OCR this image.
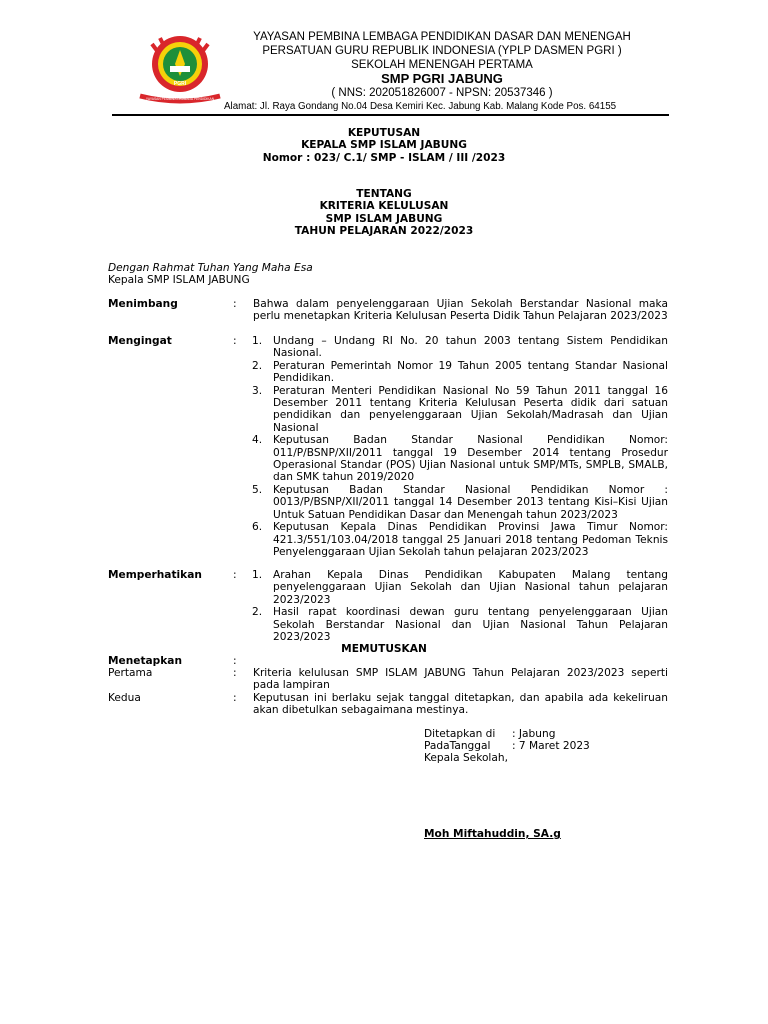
PGRI
YAYASAN PEMBINA LEMBAGA PENDIDIKAN
YAYASAN PEMBINA LEMBAGA PENDIDIKAN DASAR DAN MENENGAH
PERSATUAN GURU REPUBLIK INDONESIA (YPLP DASMEN PGRI )
SEKOLAH MENENGAH PERTAMA
SMP PGRI JABUNG
( NNS: 202051826007 - NPSN: 20537346 )
Alamat: Jl. Raya Gondang No.04 Desa Kemiri Kec. Jabung Kab. Malang Kode Pos. 64155
KEPUTUSAN
KEPALA SMP ISLAM JABUNG
Nomor : 023/ C.1/ SMP - ISLAM / III /2023
TENTANG
KRITERIA KELULUSAN
SMP ISLAM JABUNG
TAHUN PELAJARAN 2022/2023
Dengan Rahmat Tuhan Yang Maha Esa
Kepala SMP ISLAM JABUNG
Menimbang	: Bahwa dalam penyelenggaraan Ujian Sekolah Berstandar Nasional maka perlu menetapkan Kriteria Kelulusan Peserta Didik Tahun Pelajaran 2023/2023
Mengingat	: 1.	Undang – Undang RI No. 20 tahun 2003 tentang Sistem Pendidikan Nasional.
2.	Peraturan Pemerintah Nomor 19 Tahun 2005 tentang Standar Nasional Pendidikan.
3.	Peraturan Menteri Pendidikan Nasional No 59 Tahun 2011 tanggal 16 Desember 2011 tentang Kriteria Kelulusan Peserta didik dari satuan pendidikan dan penyelenggaraan Ujian Sekolah/Madrasah dan Ujian Nasional
4.	Keputusan Badan Standar Nasional Pendidikan Nomor: 011/P/BSNP/XII/2011 tanggal 19 Desember 2014 tentang Prosedur Operasional Standar (POS) Ujian Nasional untuk SMP/MTs, SMPLB, SMALB, dan SMK tahun 2019/2020
5.	Keputusan Badan Standar Nasional Pendidikan Nomor : 0013/P/BSNP/XII/2011 tanggal 14 Desember 2013 tentang Kisi–Kisi Ujian Untuk Satuan Pendidikan Dasar dan Menengah tahun 2023/2023
6.	Keputusan Kepala Dinas Pendidikan Provinsi Jawa Timur Nomor: 421.3/551/103.04/2018 tanggal 25 Januari 2018 tentang Pedoman Teknis Penyelenggaraan Ujian Sekolah tahun pelajaran 2023/2023
Memperhatikan	: 1.	Arahan Kepala Dinas Pendidikan Kabupaten Malang tentang penyelenggaraan Ujian Sekolah dan Ujian Nasional tahun pelajaran 2023/2023
2.	Hasil rapat koordinasi dewan guru tentang penyelenggaraan Ujian Sekolah Berstandar Nasional dan Ujian Nasional Tahun Pelajaran 2023/2023
MEMUTUSKAN
Menetapkan	:
Pertama	: Kriteria kelulusan SMP ISLAM JABUNG Tahun Pelajaran 2023/2023 seperti pada lampiran
Kedua	: Keputusan ini berlaku sejak tanggal ditetapkan, dan apabila ada kekeliruan akan dibetulkan sebagaimana mestinya.
Ditetapkan di	: Jabung
PadaTanggal	: 7 Maret 2023
Kepala Sekolah,
Moh Miftahuddin, SA.g
